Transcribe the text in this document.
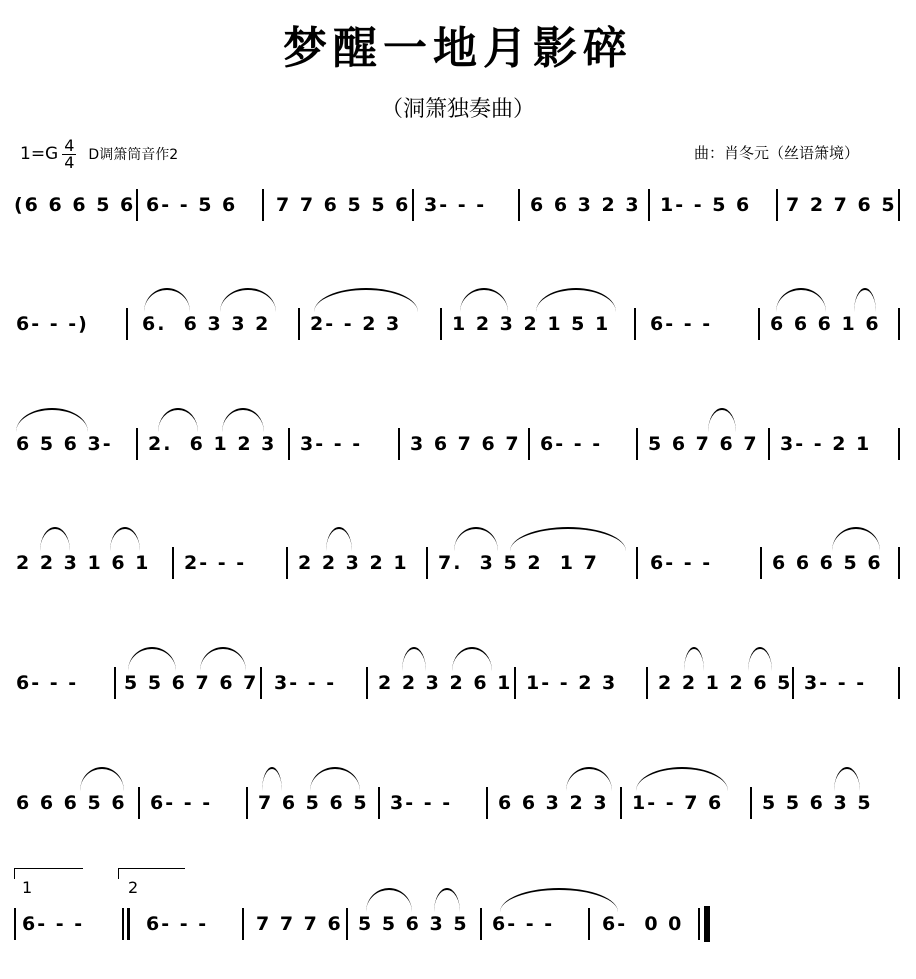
梦醒一地月影碎
（洞箫独奏曲）
$1=G \frac{4}{4}$ D调箫筒音作2	曲：肖冬元（丝语箫境）
(6 6 6 5 6 6- - 5 6 7 7 6 5 5 6 3- - - 6 6 3 2 3 1- - 5 6 7 2 7 6 5
6- - -)	6.  6 3 3 2 2- - 2 3	1 2 3 2 1 5 1 6- - -	6 6 6 1 6
6 5 6 3- 2.  6 1 2 3 3- - -	3 6 7 6 7 6- - - 5 6 7 6 7 3- - 2 1
2 2 3 1 6 1 2- - -	2 2 3 2 1 7.  3 5 2  1 7	6- - -	6 6 6 5 6
6- - - 5 5 6 7 6 7 3- - - 2 2 3 2 6 1 1- - 2 3 2 2 1 2 6 5 3- - -
6 6 6 5 6 6- - - 7 6 5 6 5 3- - - 6 6 3 2 3 1- - 7 6 5 5 6 3 5
1	2
6- - -	6- - -	7 7 7 6 5 5 6 3 5 6- - -	6-  0 0
